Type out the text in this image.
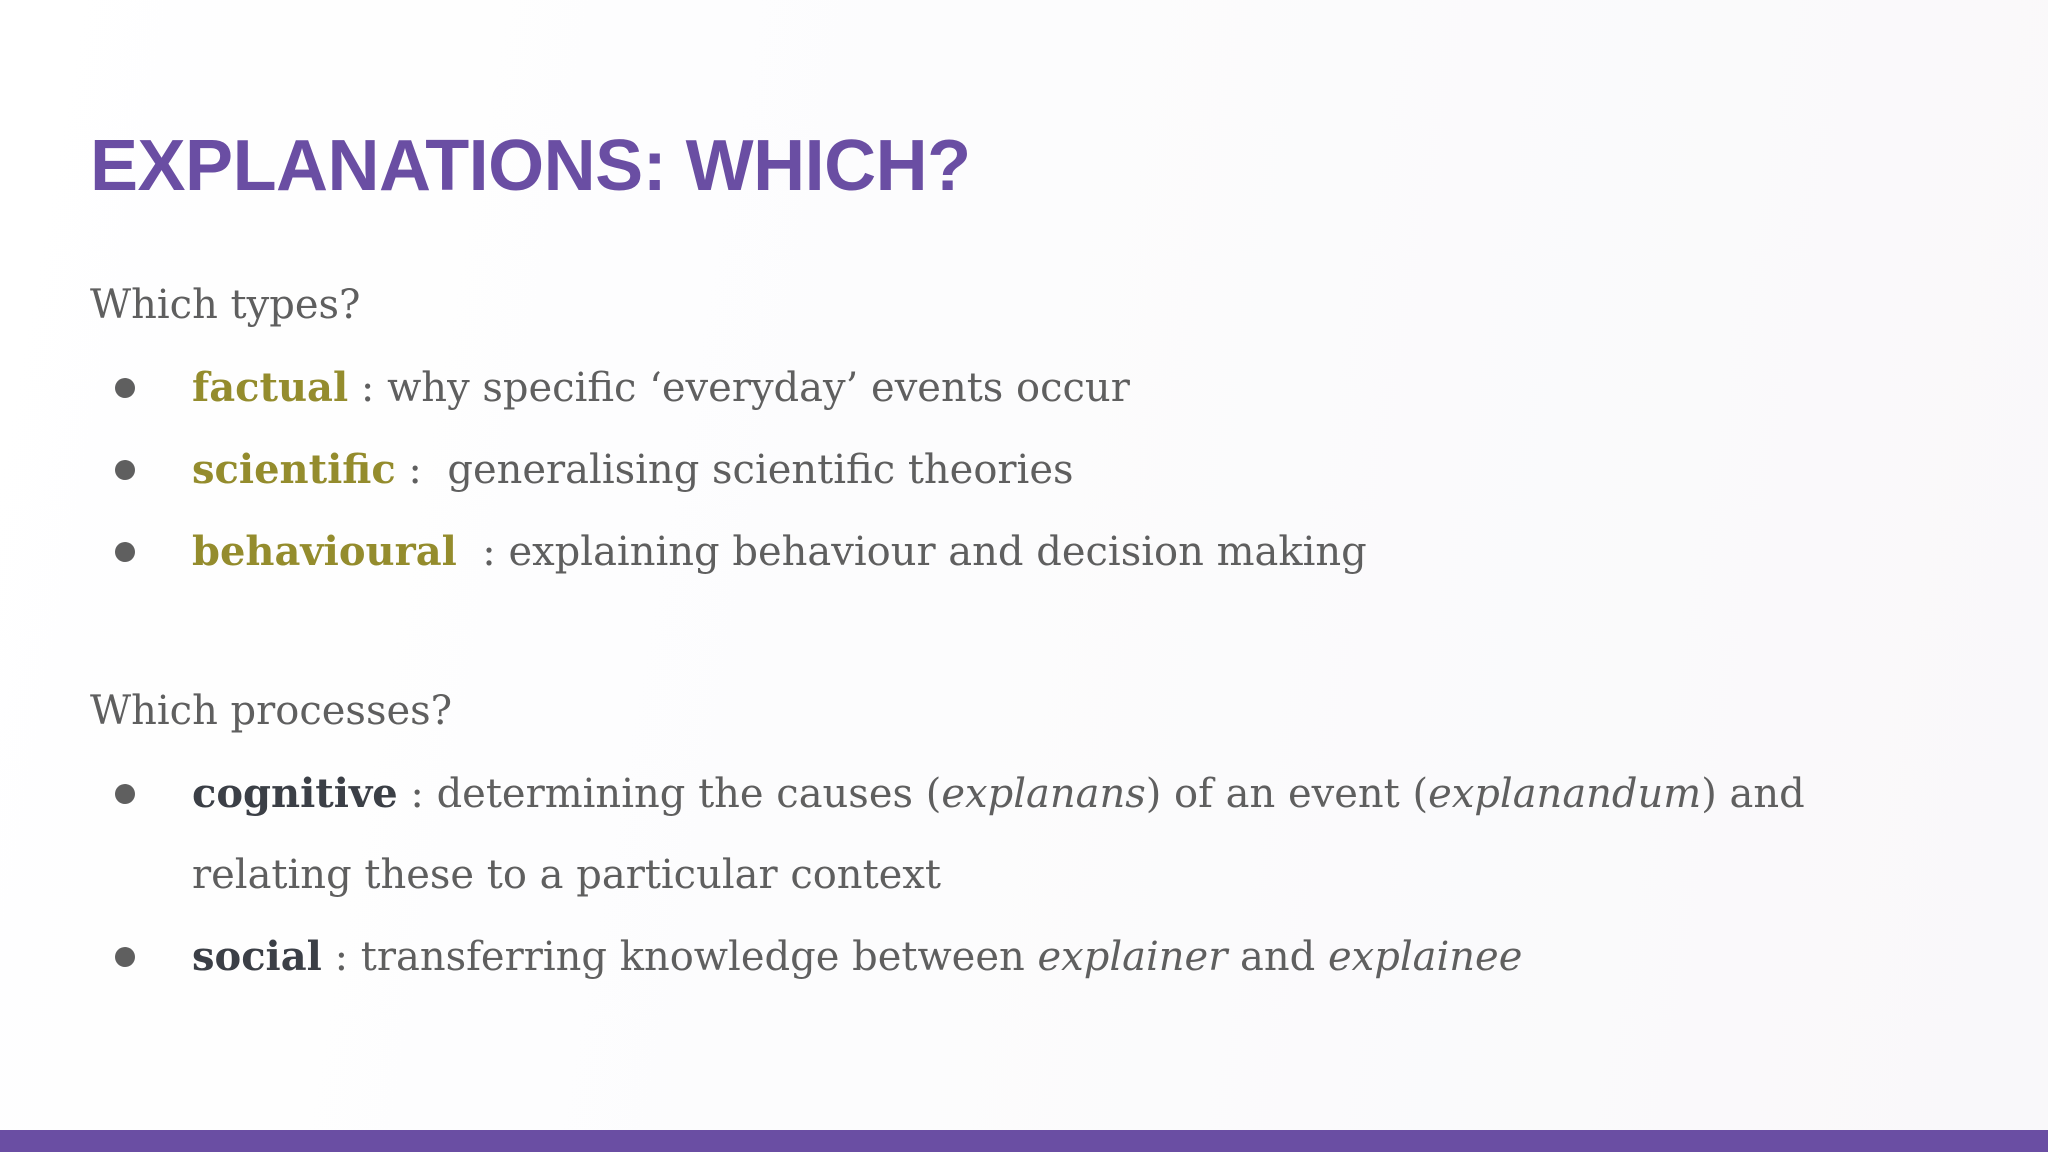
EXPLANATIONS: WHICH?

Which types?

factual : why specific ‘everyday’ events occur
scientific :  generalising scientific theories
behavioural  : explaining behaviour and decision making

Which processes?

cognitive : determining the causes (explanans) of an event (explanandum) and relating these to a particular context
social : transferring knowledge between explainer and explainee
